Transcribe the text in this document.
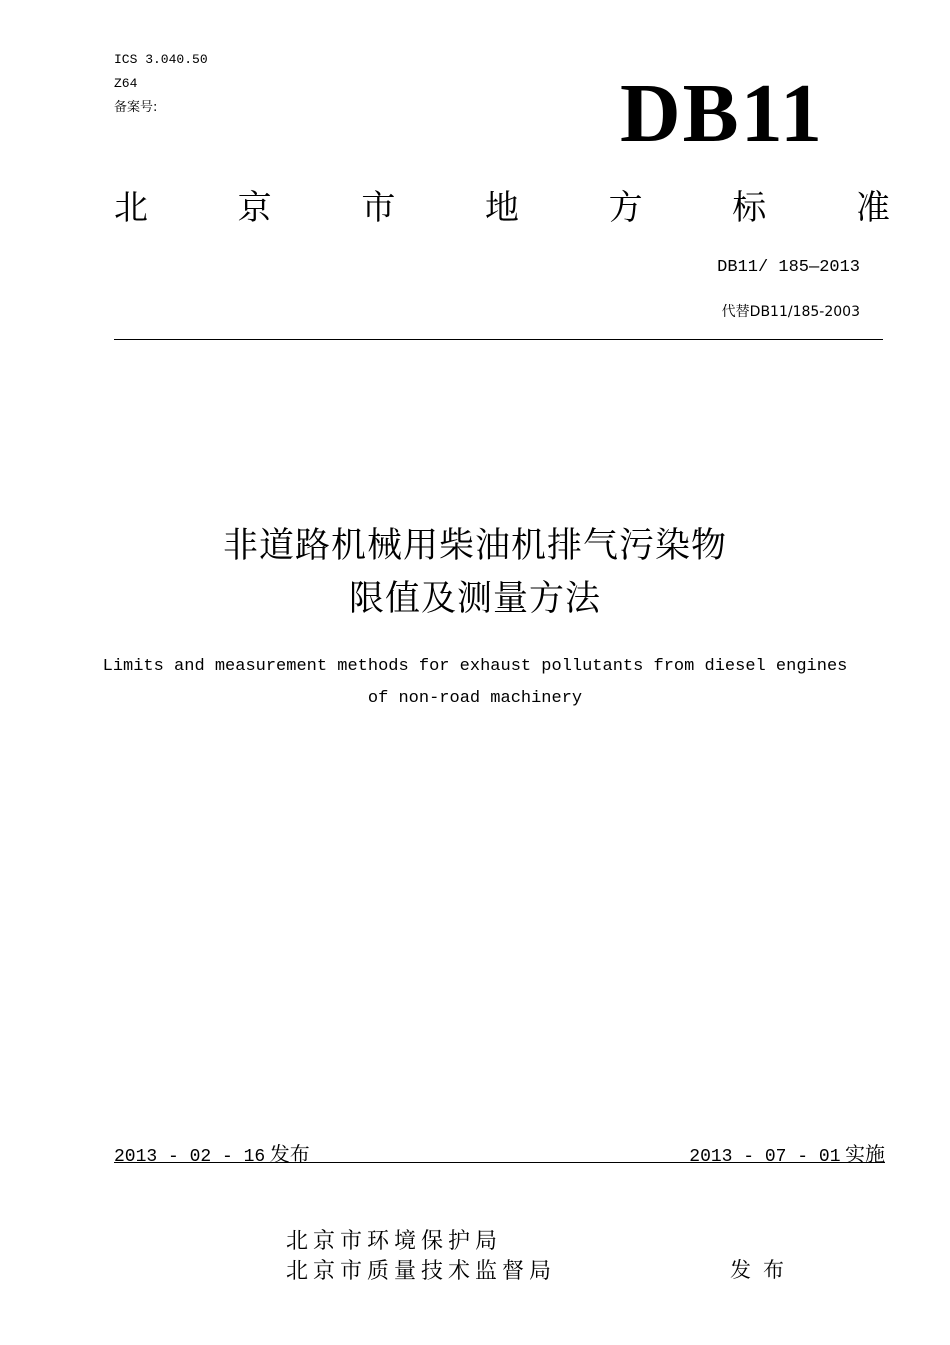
ICS 3.040.50
Z64
备案号:	DB11
北	京	市	地	方	标	准
DB11/ 185—2013
代替DB11/185-2003
非道路机械用柴油机排气污染物
限值及测量方法
Limits and measurement methods for exhaust pollutants from diesel engines
of non-road machinery
2013 - 02 - 16 发布	2013 - 07 - 01 实施
北京市环境保护局
北京市质量技术监督局	发布
